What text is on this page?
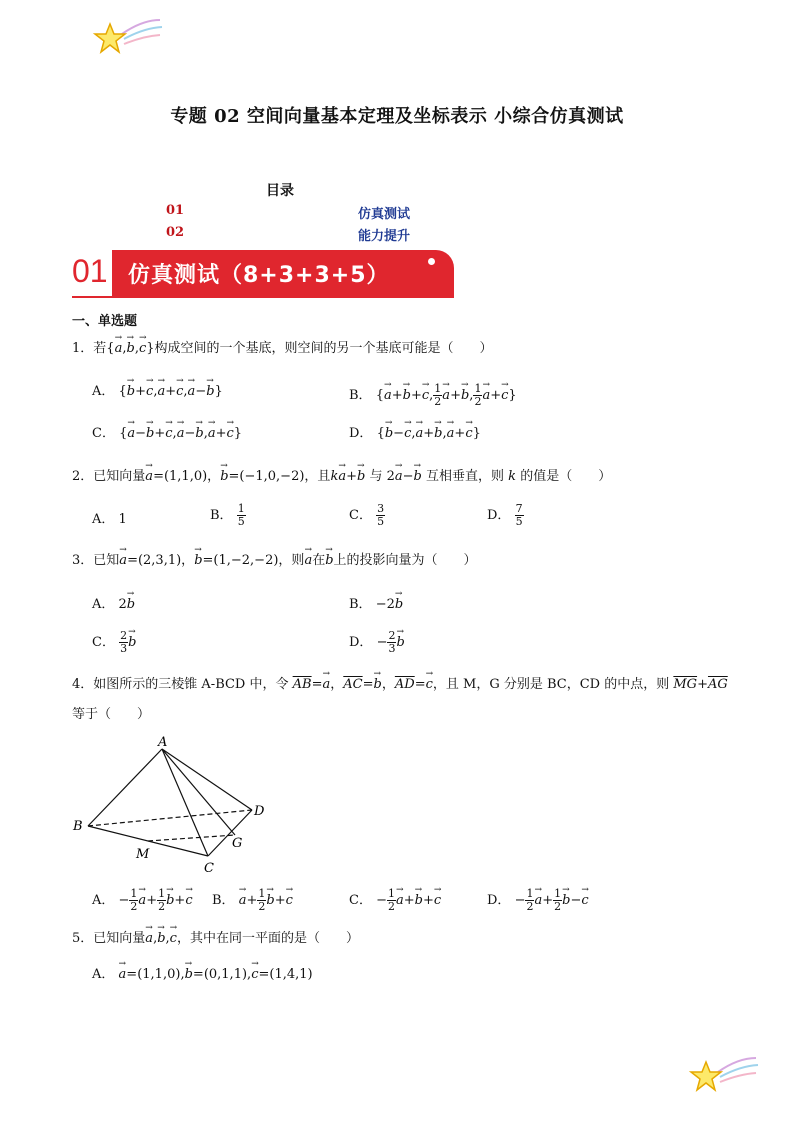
专题 02 空间向量基本定理及坐标表示 小综合仿真测试
目录
01	仿真测试
02	能力提升
01 仿真测试（8+3+3+5）
一、单选题
1．若{→ a,→ b,→ c}构成空间的一个基底，则空间的另一个基底可能是（　　）
A． {→ b+→ c,→ a+→ c,→ a−→ b}	B． {→ a+→ b+→ c, $\frac{1}{2} \to a+\to b$, $\frac{1}{2} \to a+\to c$}
C． {→ a−→ b+→ c,→ a−→ b,→ a+→ c}	D． {→ b−→ c,→ a+→ b,→ a+→ c}
2．已知向量→ a=(1,1,0)，→ b=(−1,0,−2)，且k→ a+→ b 与 2→ a−→ b 互相垂直，则 k 的值是（　　）
A． 1	B． $\frac{1}{5}$	C． $\frac{3}{5}$	D． $\frac{7}{5}$
3．已知→ a=(2,3,1)，→ b=(1,−2,−2)，则→ a在→ b上的投影向量为（　　）
A． 2→ b	B． −2→ b
C． $\frac{2}{3} \to b$	D． − $\frac{2}{3} \to b$
4．如图所示的三棱锥 A-BCD 中，令 $\overline{AB}=\to a$，$\overline{AC}=\to b$，$\overline{AD}=\to c$，且 M，G 分别是 BC，CD 的中点，则 $\overline{MG}+\overline{AG}$
等于（　　）
A
B
C
D
M
G
A． − $\frac{1}{2} \to a+ \frac{1}{2} \to b+\to c$ B． → $a+ \frac{1}{2} \to b+\to c$	C． − $\frac{1}{2} \to a+\to b+\to c$	D． − $\frac{1}{2} \to a+ \frac{1}{2} \to b-\to c$
5．已知向量→ a,→ b,→ c，其中在同一平面的是（　　）
A． → a=(1,1,0),→ b=(0,1,1),→ c=(1,4,1)
